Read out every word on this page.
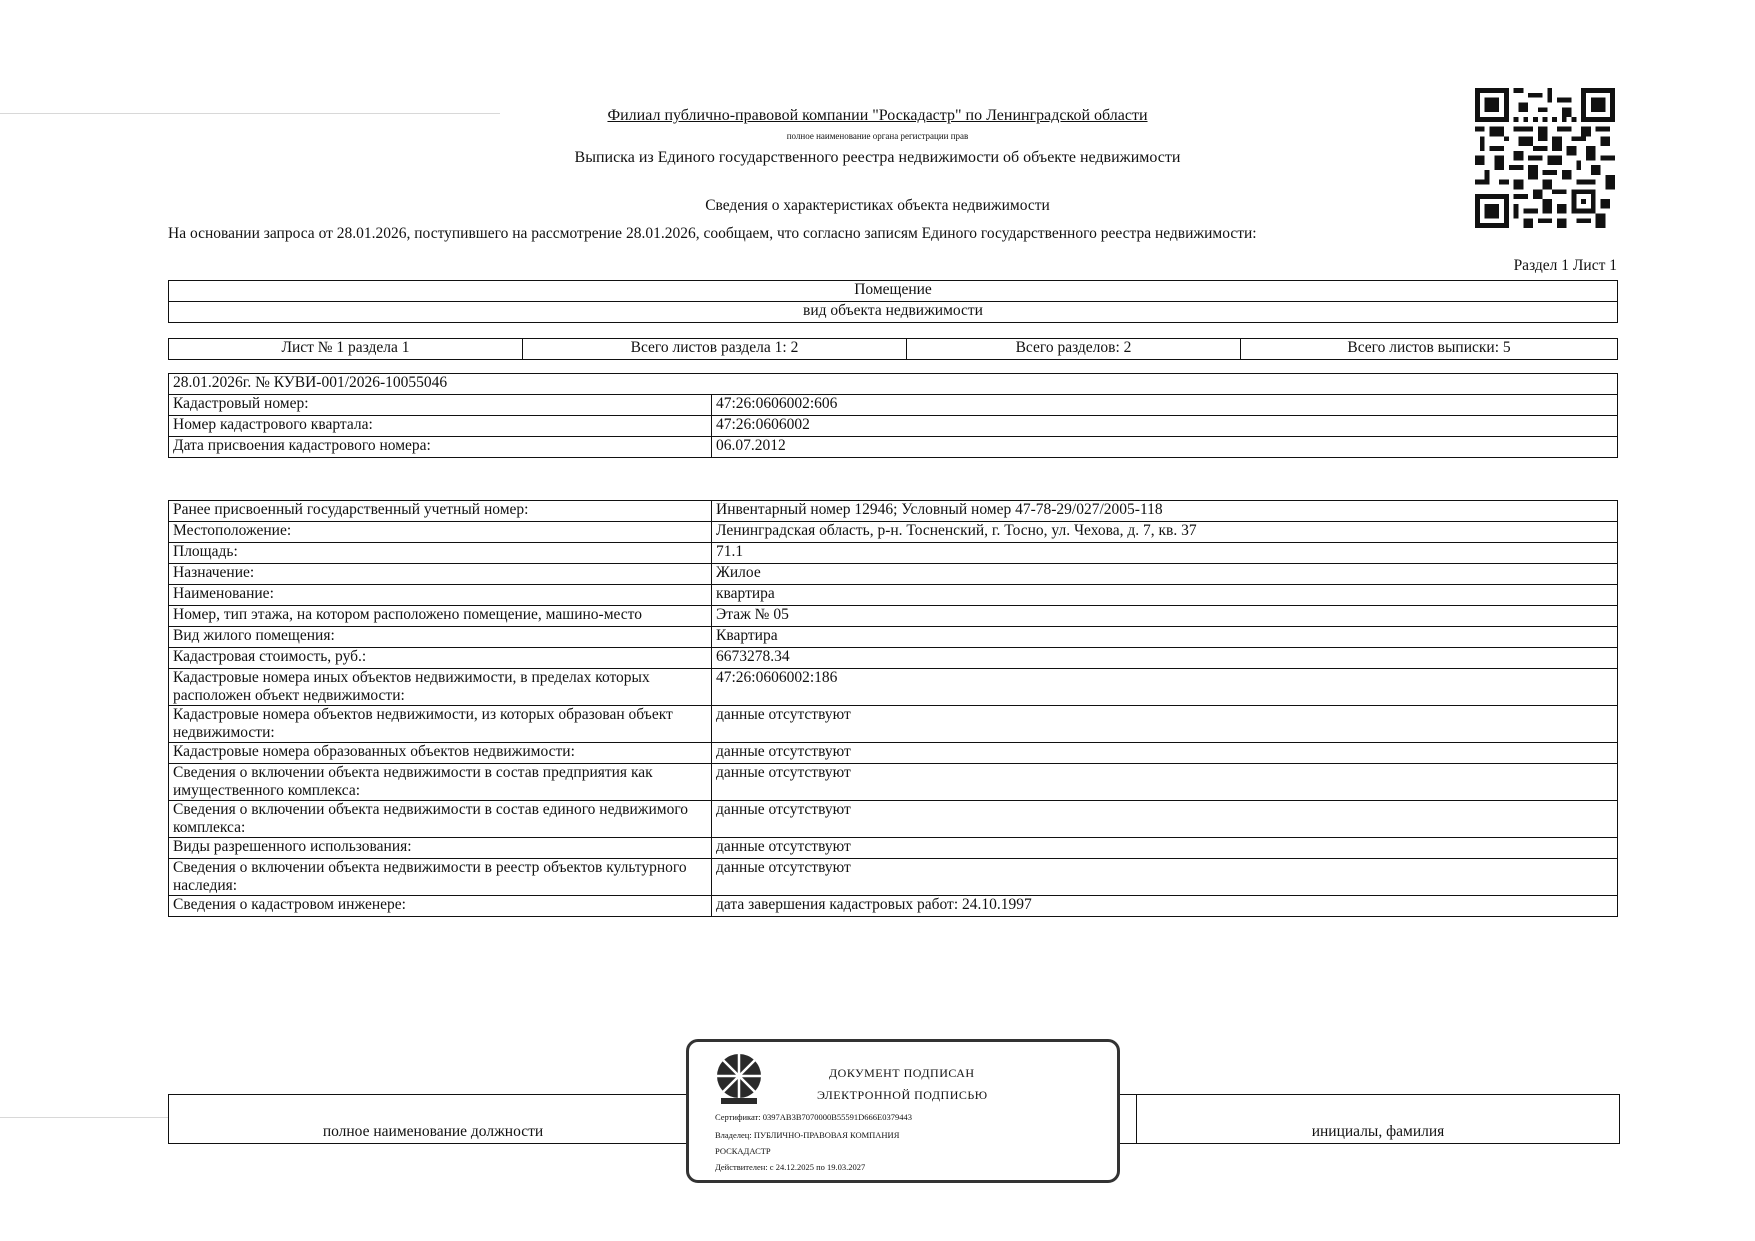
Филиал публично-правовой компании "Роскадастр" по Ленинградской области
полное наименование органа регистрации прав
Выписка из Единого государственного реестра недвижимости об объекте недвижимости
Сведения о характеристиках объекта недвижимости
На основании запроса от 28.01.2026, поступившего на рассмотрение 28.01.2026, сообщаем, что согласно записям Единого государственного реестра недвижимости:
Раздел 1 Лист 1
Помещение
вид объекта недвижимости
Лист № 1 раздела 1	Всего листов раздела 1: 2	Всего разделов: 2	Всего листов выписки: 5
28.01.2026г. № КУВИ-001/2026-10055046	
Кадастровый номер:	47:26:0606002:606
Номер кадастрового квартала:	47:26:0606002
Дата присвоения кадастрового номера:	06.07.2012
Ранее присвоенный государственный учетный номер:	Инвентарный номер 12946; Условный номер 47-78-29/027/2005-118
Местоположение:	Ленинградская область, р-н. Тосненский, г. Тосно, ул. Чехова, д. 7, кв. 37
Площадь:	71.1
Назначение:	Жилое
Наименование:	квартира
Номер, тип этажа, на котором расположено помещение, машино-место	Этаж № 05
Вид жилого помещения:	Квартира
Кадастровая стоимость, руб.:	6673278.34
Кадастровые номера иных объектов недвижимости, в пределах которых расположен объект недвижимости:	47:26:0606002:186
Кадастровые номера объектов недвижимости, из которых образован объект недвижимости:	данные отсутствуют
Кадастровые номера образованных объектов недвижимости:	данные отсутствуют
Сведения о включении объекта недвижимости в состав предприятия как имущественного комплекса:	данные отсутствуют
Сведения о включении объекта недвижимости в состав единого недвижимого комплекса:	данные отсутствуют
Виды разрешенного использования:	данные отсутствуют
Сведения о включении объекта недвижимости в реестр объектов культурного наследия:	данные отсутствуют
Сведения о кадастровом инженере:	дата завершения кадастровых работ: 24.10.1997
полное наименование должности		инициалы, фамилия
ДОКУМЕНТ ПОДПИСАН
ЭЛЕКТРОННОЙ ПОДПИСЬЮ
Сертификат: 0397AB3B7070000B55591D666E0379443
Владелец: ПУБЛИЧНО-ПРАВОВАЯ КОМПАНИЯ
РОСКАДАСТР
Действителен: с 24.12.2025 по 19.03.2027
